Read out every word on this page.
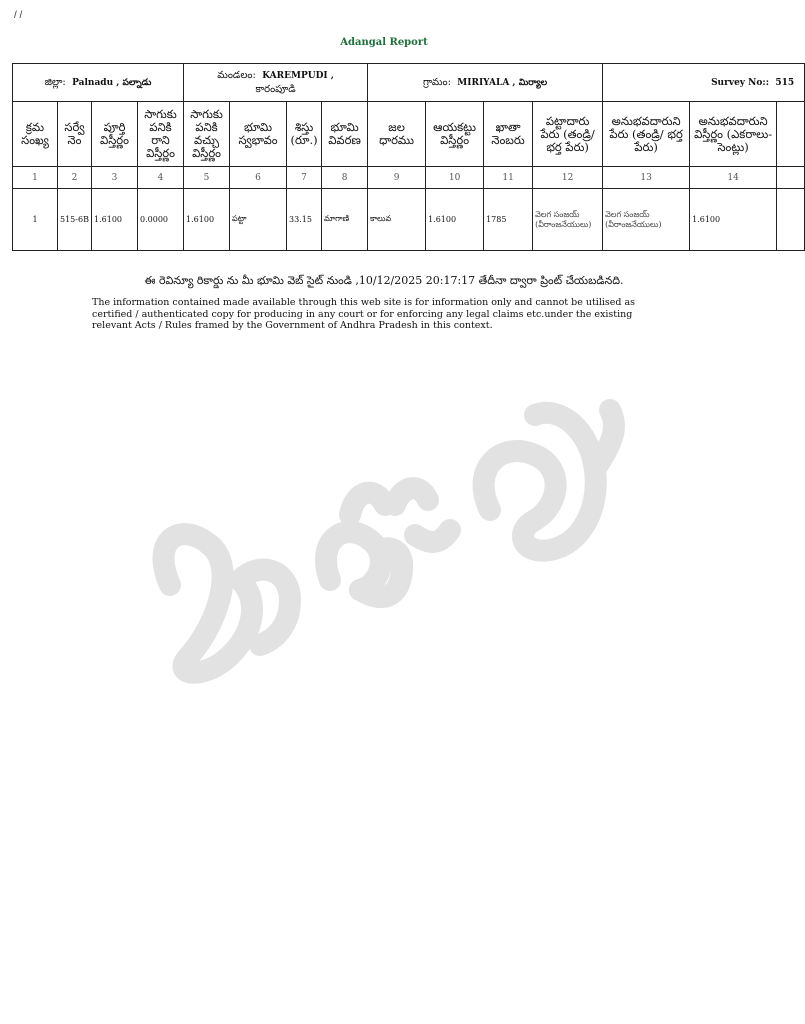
/ /
Adangal Report
జిల్లా: Palnadu , పల్నాడు				మండలం: KAREMPUDI ,
కారంపూడి				గ్రామం: MIRIYALA , మిర్యాల				Survey No:: 515		
క్రమ సంఖ్య	సర్వే నెం	పూర్తి విస్తీర్ణం	సాగుకు పనికి రాని విస్తీర్ణం	సాగుకు పనికి వచ్చు విస్తీర్ణం	భూమి స్వభావం	శిస్తు (రూ.)	భూమి వివరణ	జల ధారము	ఆయకట్టు విస్తీర్ణం	ఖాతా నెంబరు	పట్టాదారు పేరు (తండ్రి/భర్త పేరు)	అనుభవదారుని పేరు (తండ్రి/ భర్త పేరు)	అనుభవదారుని విస్తీర్ణం (ఎకరాలు-సెంట్లు)	
1	2	3	4	5	6	7	8	9	10	11	12	13	14	
1	515-6B	1.6100	0.0000	1.6100	పట్టా	33.15	మాగాణి	కాలువ	1.6100	1785	వెలగ సంజయ్
(వీరాంజనేయులు)	వెలగ సంజయ్
(వీరాంజనేయులు)	1.6100	
ఈ రెవిన్యూ రికార్డు ను మీ భూమి వెబ్ సైట్ నుండి ,10/12/2025 20:17:17 తేదీనా ద్వారా ప్రింట్ చేయబడినది.
The information contained made available through this web site is for information only and cannot be utilised as certified / authenticated copy for producing in any court or for enforcing any legal claims etc.under the existing relevant Acts / Rules framed by the Government of Andhra Pradesh in this context.
